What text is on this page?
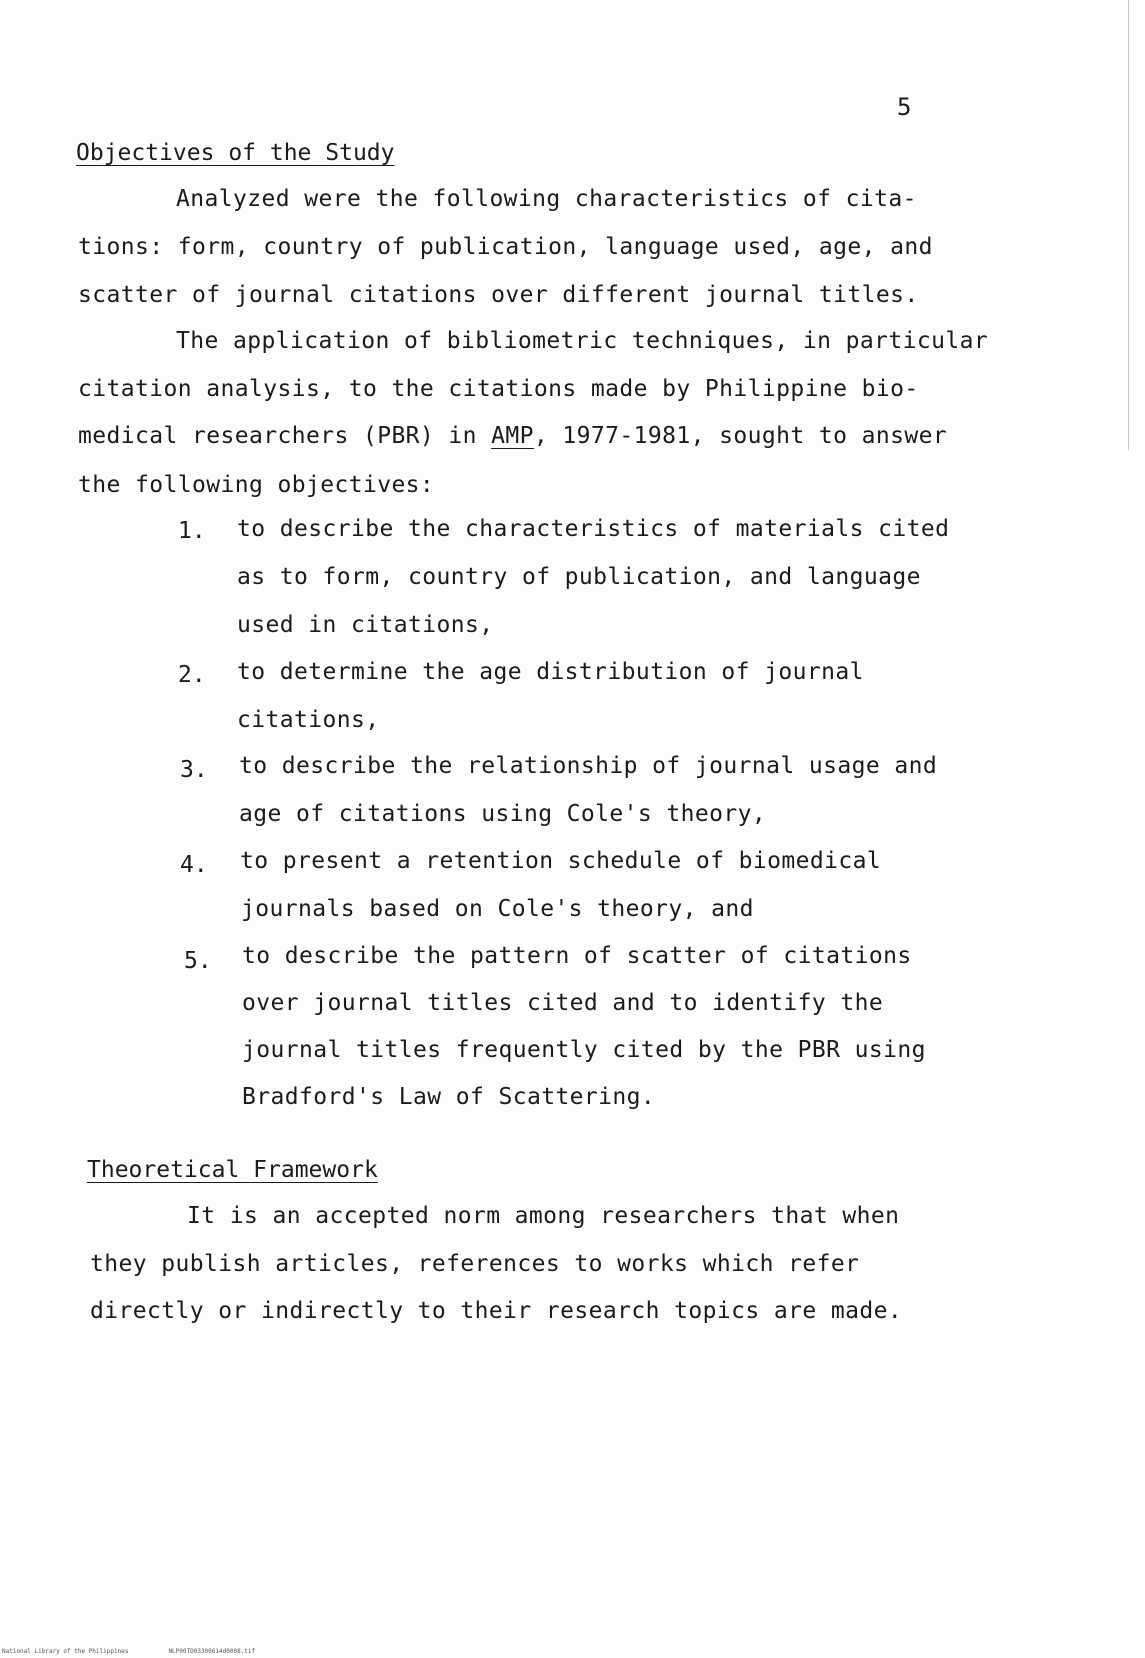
5
Objectives of the Study
Analyzed were the following characteristics of cita-
tions: form, country of publication, language used, age, and
scatter of journal citations over different journal titles.
The application of bibliometric techniques, in particular
citation analysis, to the citations made by Philippine bio-
medical researchers (PBR) in AMP, 1977-1981, sought to answer
the following objectives:
1. to describe the characteristics of materials cited
as to form, country of publication, and language
used in citations,
2. to determine the age distribution of journal
citations,
3. to describe the relationship of journal usage and
age of citations using Cole's theory,
4. to present a retention schedule of biomedical
journals based on Cole's theory, and
5. to describe the pattern of scatter of citations
over journal titles cited and to identify the
journal titles frequently cited by the PBR using
Bradford's Law of Scattering.
Theoretical Framework
It is an accepted norm among researchers that when
they publish articles, references to works which refer
directly or indirectly to their research topics are made.
National Library of the Philippines	NLP00TD03300614d0008.tif
